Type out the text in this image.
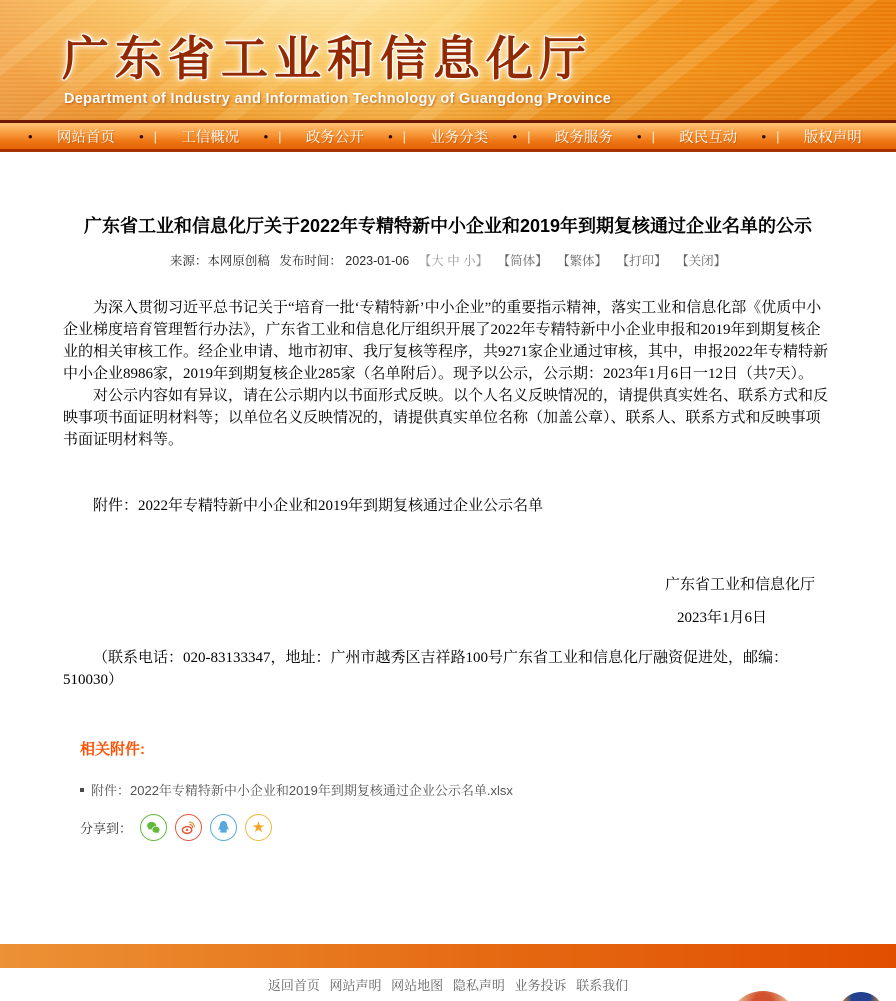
广东省工业和信息化厅
Department of Industry and Information Technology of Guangdong Province
•	网站首页	• |	工信概况	• |	政务公开	• |	业务分类	• |	政务服务	• |	政民互动	• |	版权声明
广东省工业和信息化厅关于2022年专精特新中小企业和2019年到期复核通过企业名单的公示
来源：本网原创稿 发布时间： 2023-01-06 【大 中 小】 【简体】 【繁体】 【打印】 【关闭】

为深入贯彻习近平总书记关于“培育一批‘专精特新’中小企业”的重要指示精神，落实工业和信息化部《优质中小企业梯度培育管理暂行办法》，广东省工业和信息化厅组织开展了2022年专精特新中小企业申报和2019年到期复核企业的相关审核工作。经企业申请、地市初审、我厅复核等程序，共9271家企业通过审核，其中，申报2022年专精特新中小企业8986家，2019年到期复核企业285家（名单附后）。现予以公示，公示期：2023年1月6日一12日（共7天）。

对公示内容如有异议，请在公示期内以书面形式反映。以个人名义反映情况的，请提供真实姓名、联系方式和反映事项书面证明材料等；以单位名义反映情况的，请提供真实单位名称（加盖公章）、联系人、联系方式和反映事项书面证明材料等。

附件：2022年专精特新中小企业和2019年到期复核通过企业公示名单

广东省工业和信息化厅
2023年1月6日

（联系电话：020-83133347，地址：广州市越秀区吉祥路100号广东省工业和信息化厅融资促进处，邮编：510030）

相关附件:
附件：2022年专精特新中小企业和2019年到期复核通过企业公示名单.xlsx
分享到：	★
返回首页 网站声明 网站地图 隐私声明 业务投诉 联系我们
